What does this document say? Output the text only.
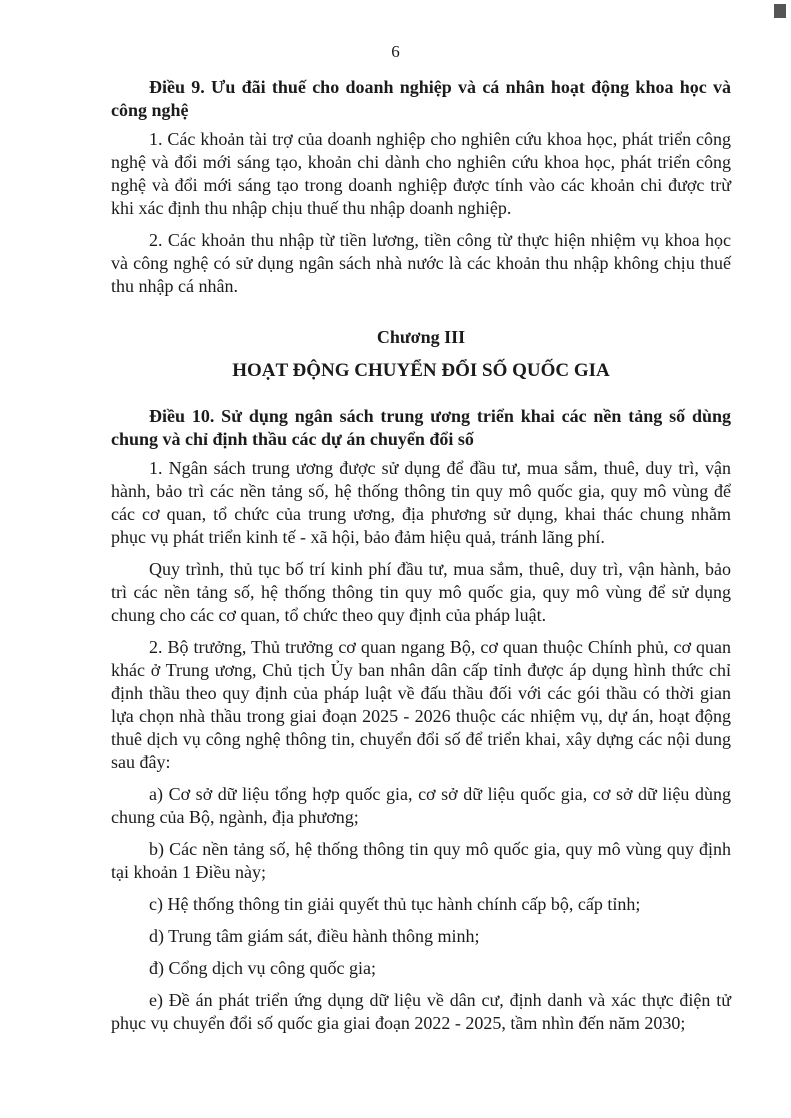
6

Điều 9. Ưu đãi thuế cho doanh nghiệp và cá nhân hoạt động khoa học và công nghệ

1. Các khoản tài trợ của doanh nghiệp cho nghiên cứu khoa học, phát triển công nghệ và đổi mới sáng tạo, khoản chi dành cho nghiên cứu khoa học, phát triển công nghệ và đổi mới sáng tạo trong doanh nghiệp được tính vào các khoản chi được trừ khi xác định thu nhập chịu thuế thu nhập doanh nghiệp.

2. Các khoản thu nhập từ tiền lương, tiền công từ thực hiện nhiệm vụ khoa học và công nghệ có sử dụng ngân sách nhà nước là các khoản thu nhập không chịu thuế thu nhập cá nhân.

Chương III

HOẠT ĐỘNG CHUYỂN ĐỔI SỐ QUỐC GIA

Điều 10. Sử dụng ngân sách trung ương triển khai các nền tảng số dùng chung và chỉ định thầu các dự án chuyển đổi số

1. Ngân sách trung ương được sử dụng để đầu tư, mua sắm, thuê, duy trì, vận hành, bảo trì các nền tảng số, hệ thống thông tin quy mô quốc gia, quy mô vùng để các cơ quan, tổ chức của trung ương, địa phương sử dụng, khai thác chung nhằm phục vụ phát triển kinh tế - xã hội, bảo đảm hiệu quả, tránh lãng phí.

Quy trình, thủ tục bố trí kinh phí đầu tư, mua sắm, thuê, duy trì, vận hành, bảo trì các nền tảng số, hệ thống thông tin quy mô quốc gia, quy mô vùng để sử dụng chung cho các cơ quan, tổ chức theo quy định của pháp luật.

2. Bộ trưởng, Thủ trưởng cơ quan ngang Bộ, cơ quan thuộc Chính phủ, cơ quan khác ở Trung ương, Chủ tịch Ủy ban nhân dân cấp tỉnh được áp dụng hình thức chỉ định thầu theo quy định của pháp luật về đấu thầu đối với các gói thầu có thời gian lựa chọn nhà thầu trong giai đoạn 2025 - 2026 thuộc các nhiệm vụ, dự án, hoạt động thuê dịch vụ công nghệ thông tin, chuyển đổi số để triển khai, xây dựng các nội dung sau đây:

a) Cơ sở dữ liệu tổng hợp quốc gia, cơ sở dữ liệu quốc gia, cơ sở dữ liệu dùng chung của Bộ, ngành, địa phương;

b) Các nền tảng số, hệ thống thông tin quy mô quốc gia, quy mô vùng quy định tại khoản 1 Điều này;

c) Hệ thống thông tin giải quyết thủ tục hành chính cấp bộ, cấp tỉnh;

d) Trung tâm giám sát, điều hành thông minh;

đ) Cổng dịch vụ công quốc gia;

e) Đề án phát triển ứng dụng dữ liệu về dân cư, định danh và xác thực điện tử phục vụ chuyển đổi số quốc gia giai đoạn 2022 - 2025, tầm nhìn đến năm 2030;
